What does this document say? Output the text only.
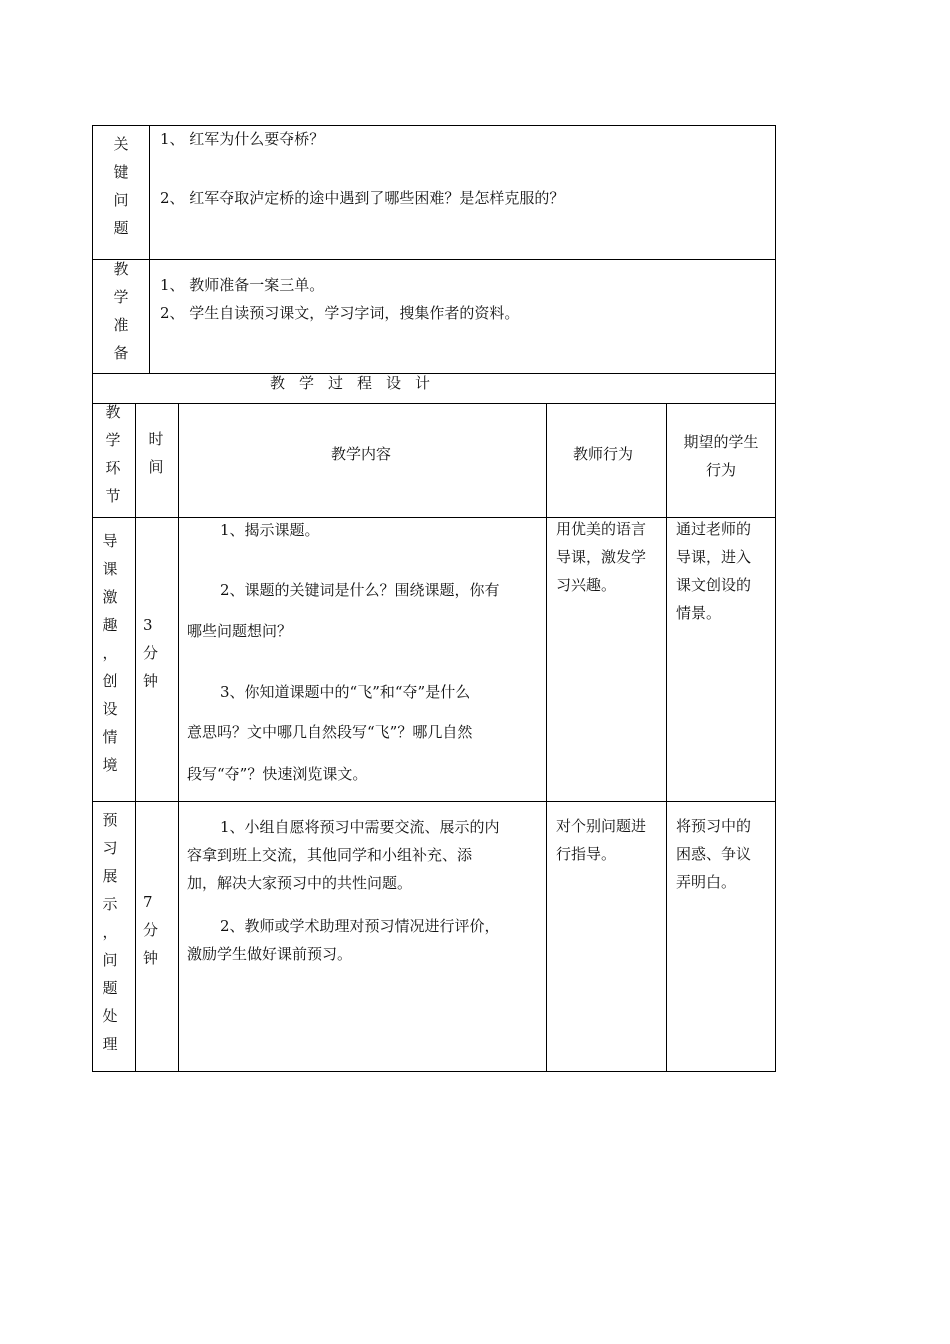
关
键
问
题
1、 红军为什么要夺桥？
2、 红军夺取泸定桥的途中遇到了哪些困难？是怎样克服的？
教
学
准
备
1、 教师准备一案三单。
2、 学生自读预习课文，学习字词，搜集作者的资料。
教学过程设计
教
学
环
节
时
间
教学内容	教师行为
期望的学生
行为
导
课
激
趣
，
创
设
情
境
3
分
钟
1、揭示课题。
2、课题的关键词是什么？围绕课题，你有
哪些问题想问？
3、你知道课题中的“飞”和“夺”是什么
意思吗？文中哪几自然段写“飞”？哪几自然
段写“夺”？快速浏览课文。
用优美的语言
导课，激发学
习兴趣。
通过老师的
导课，进入
课文创设的
情景。
预
习
展
示
，
问
题
处
理
7
分
钟
1、小组自愿将预习中需要交流、展示的内
容拿到班上交流，其他同学和小组补充、添
加，解决大家预习中的共性问题。
2、教师或学术助理对预习情况进行评价，
激励学生做好课前预习。
对个别问题进
行指导。
将预习中的
困惑、争议
弄明白。
